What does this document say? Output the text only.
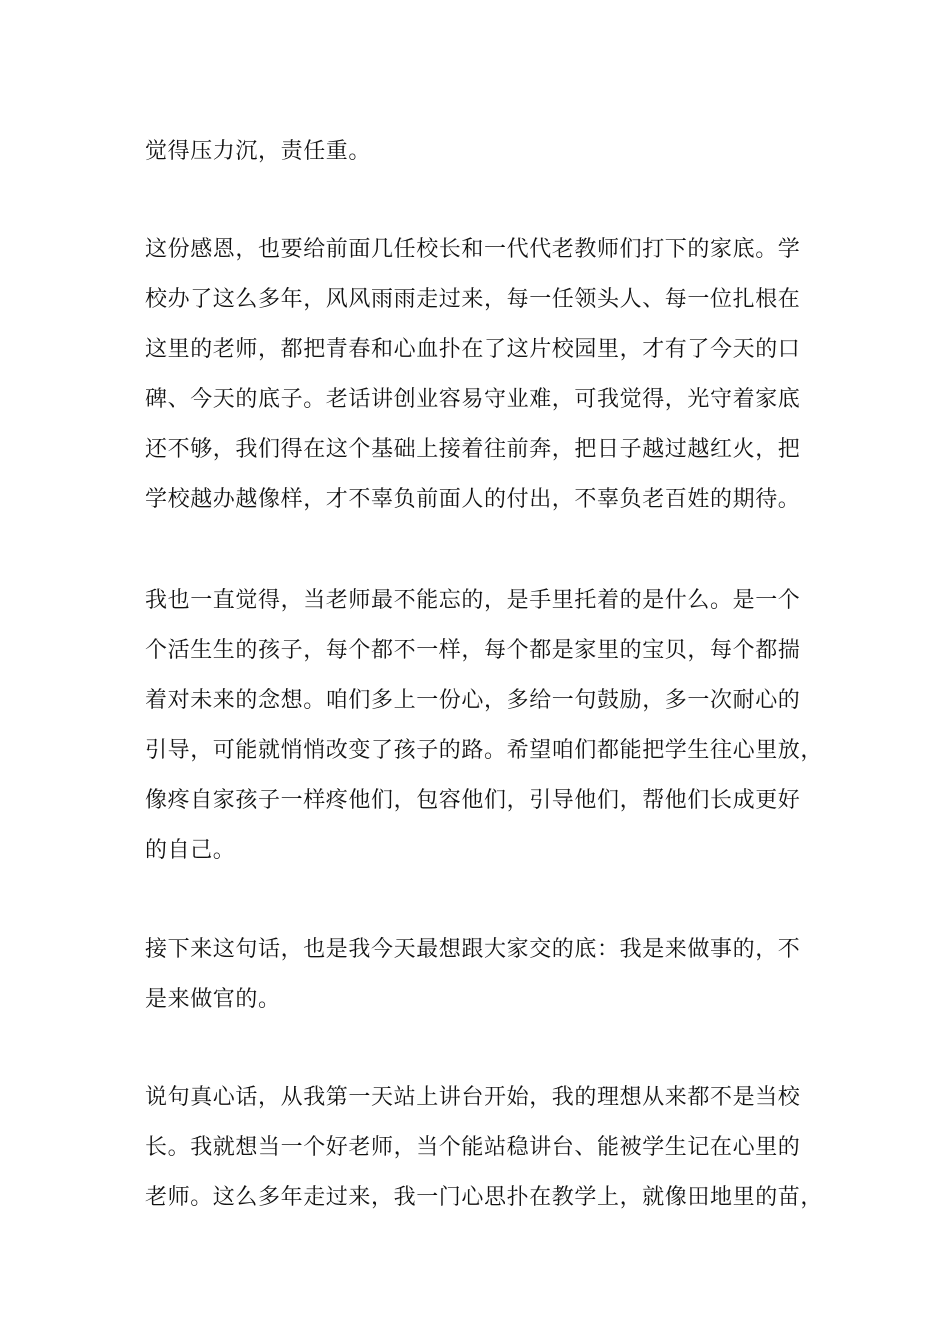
觉得压力沉，责任重。
这份感恩，也要给前面几任校长和一代代老教师们打下的家底。学
校办了这么多年，风风雨雨走过来，每一任领头人、每一位扎根在
这里的老师，都把青春和心血扑在了这片校园里，才有了今天的口
碑、今天的底子。老话讲创业容易守业难，可我觉得，光守着家底
还不够，我们得在这个基础上接着往前奔，把日子越过越红火，把
学校越办越像样，才不辜负前面人的付出，不辜负老百姓的期待。
我也一直觉得，当老师最不能忘的，是手里托着的是什么。是一个
个活生生的孩子，每个都不一样，每个都是家里的宝贝，每个都揣
着对未来的念想。咱们多上一份心，多给一句鼓励，多一次耐心的
引导，可能就悄悄改变了孩子的路。希望咱们都能把学生往心里放，
像疼自家孩子一样疼他们，包容他们，引导他们，帮他们长成更好
的自己。
接下来这句话，也是我今天最想跟大家交的底：我是来做事的，不
是来做官的。
说句真心话，从我第一天站上讲台开始，我的理想从来都不是当校
长。我就想当一个好老师，当个能站稳讲台、能被学生记在心里的
老师。这么多年走过来，我一门心思扑在教学上，就像田地里的苗，
